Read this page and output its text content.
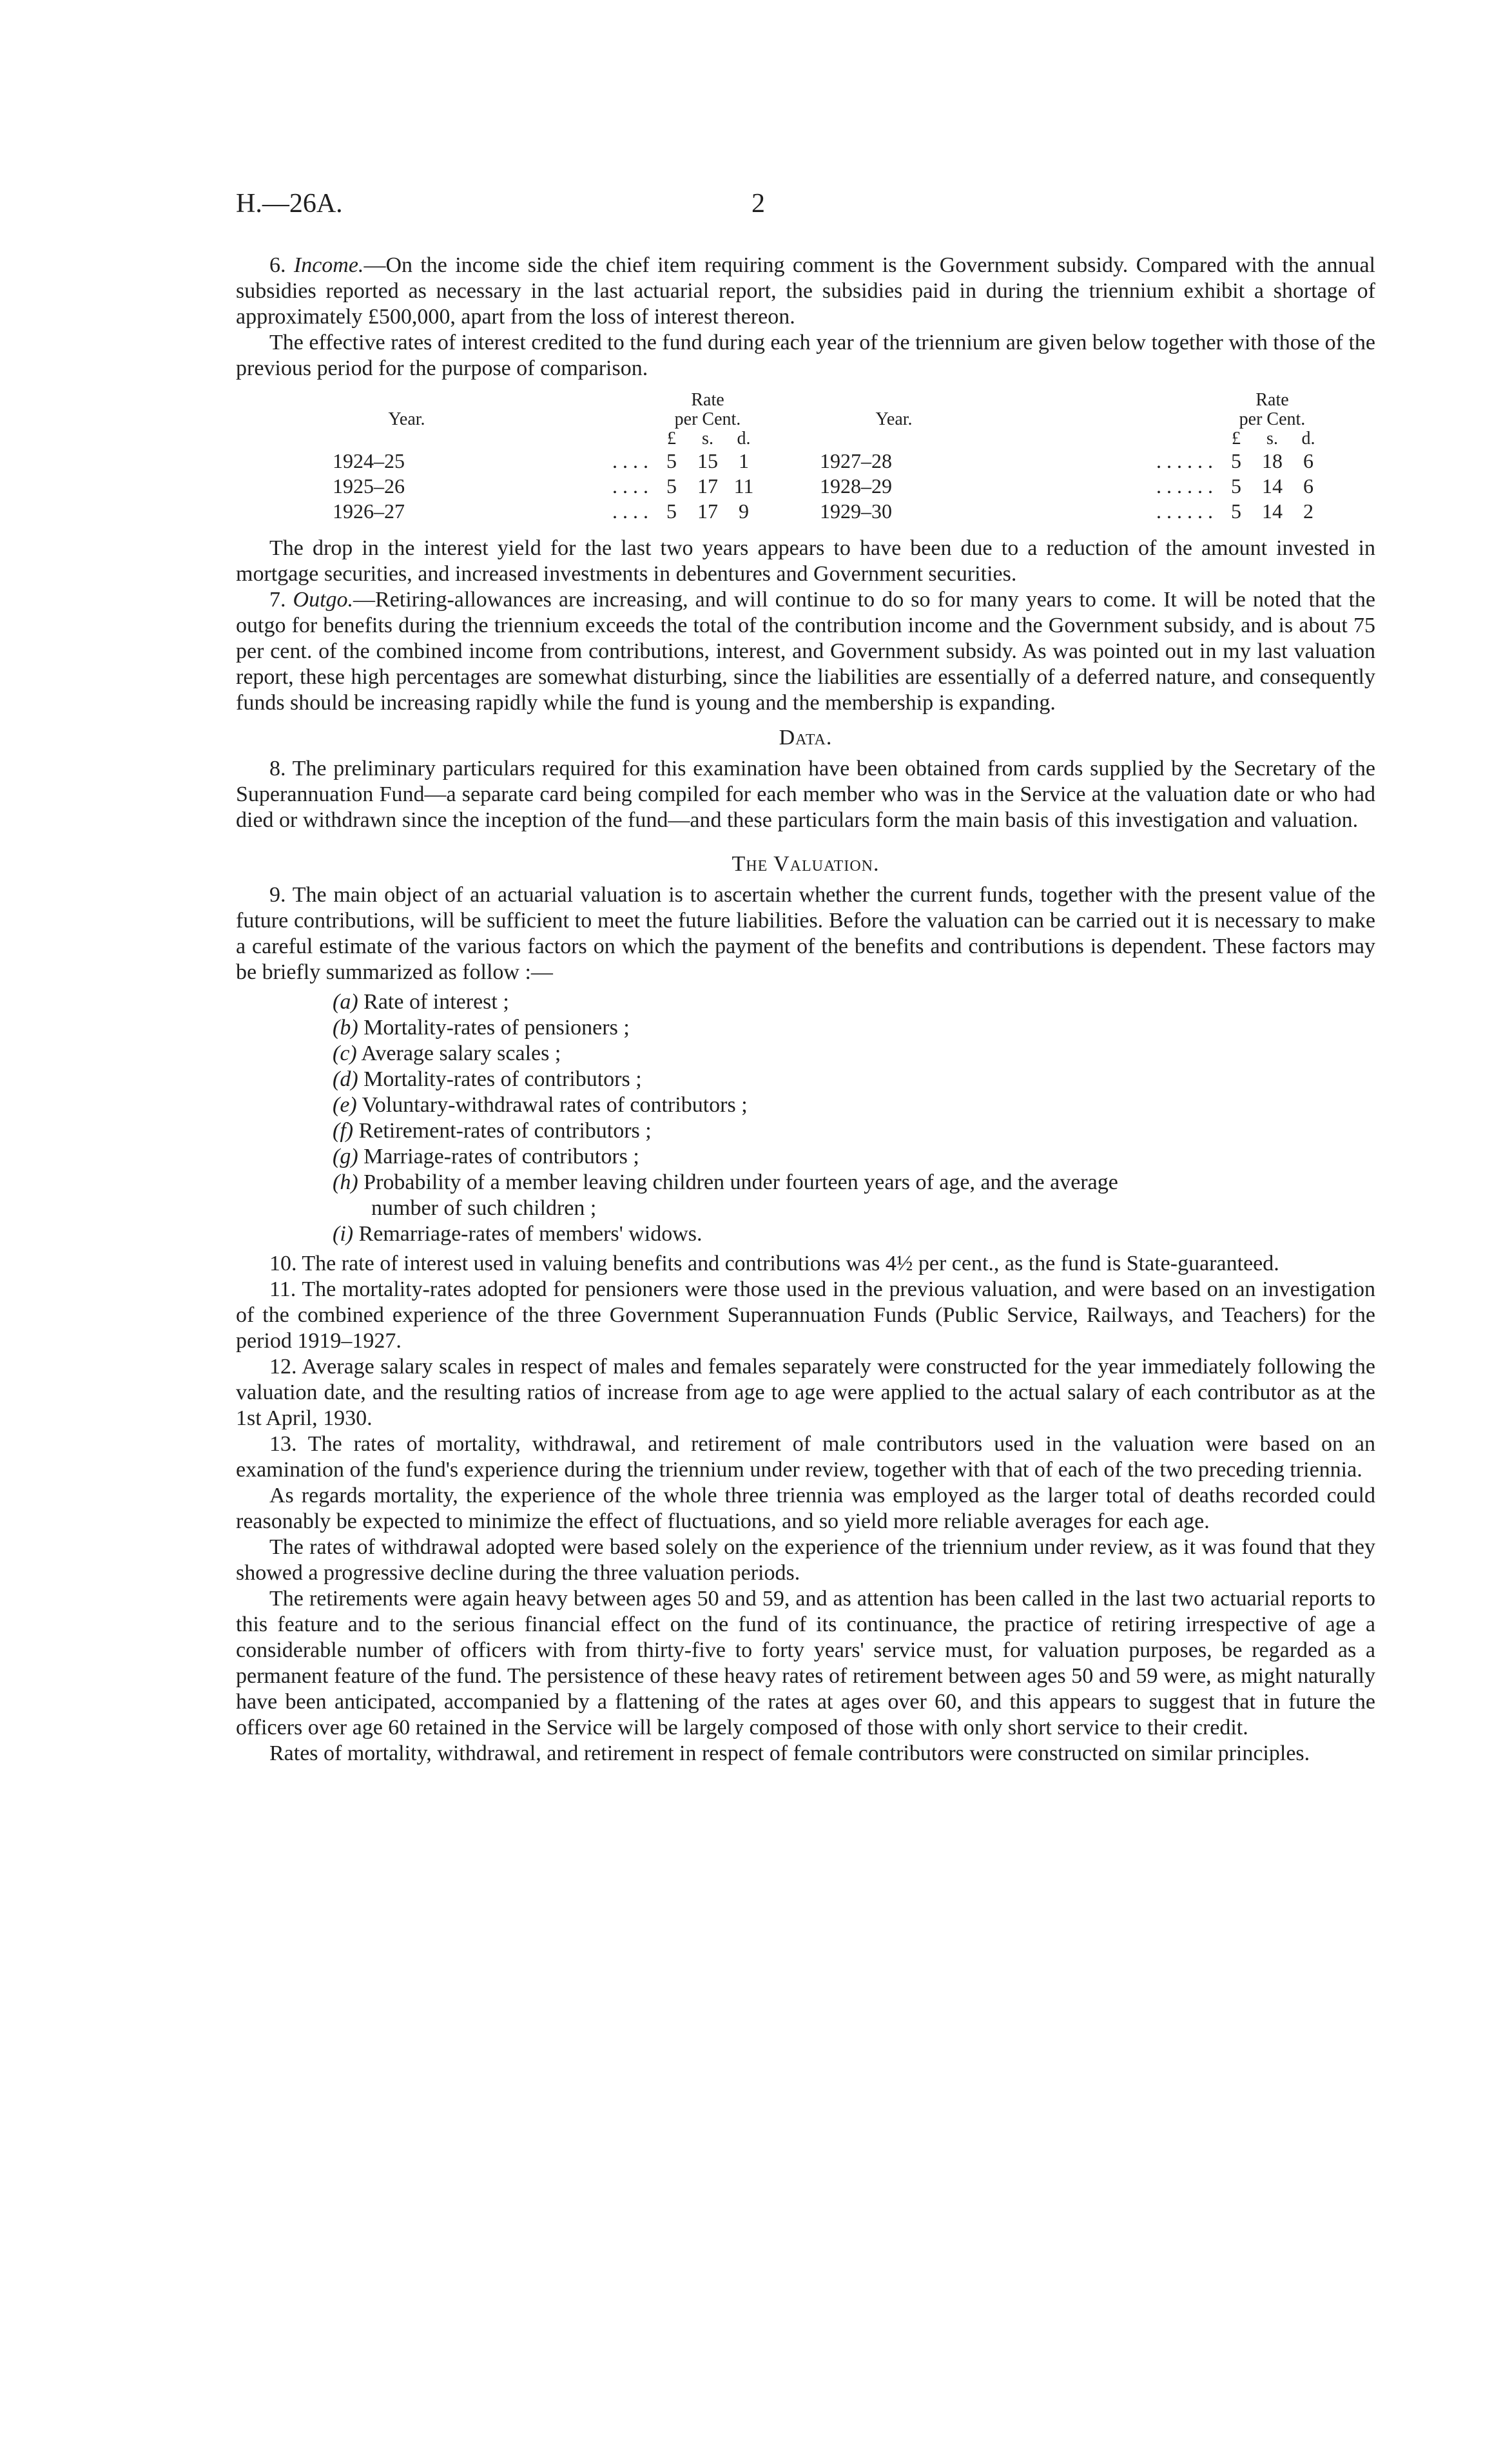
H.—26A.	2

6. Income.—On the income side the chief item requiring comment is the Government subsidy. Compared with the annual subsidies reported as necessary in the last actuarial report, the subsidies paid in during the triennium exhibit a shortage of approximately £500,000, apart from the loss of interest thereon.

The effective rates of interest credited to the fund during each year of the triennium are given below together with those of the previous period for the purpose of comparison.

		Rate						Rate		
Year.		per Cent.				Year.		per Cent.		
		£	s.	d.				£	s.	d.
1924–25	. . . .	5	15	1		1927–28	. . . . . .	5	18	6
1925–26	. . . .	5	17	11		1928–29	. . . . . .	5	14	6
1926–27	. . . .	5	17	9		1929–30	. . . . . .	5	14	2

The drop in the interest yield for the last two years appears to have been due to a reduction of the amount invested in mortgage securities, and increased investments in debentures and Government securities.

7. Outgo.—Retiring-allowances are increasing, and will continue to do so for many years to come. It will be noted that the outgo for benefits during the triennium exceeds the total of the contribution income and the Government subsidy, and is about 75 per cent. of the combined income from contributions, interest, and Government subsidy. As was pointed out in my last valuation report, these high percentages are somewhat disturbing, since the liabilities are essentially of a deferred nature, and consequently funds should be increasing rapidly while the fund is young and the membership is expanding.

Data.

8. The preliminary particulars required for this examination have been obtained from cards supplied by the Secretary of the Superannuation Fund—a separate card being compiled for each member who was in the Service at the valuation date or who had died or withdrawn since the inception of the fund—and these particulars form the main basis of this investigation and valuation.

The Valuation.

9. The main object of an actuarial valuation is to ascertain whether the current funds, together with the present value of the future contributions, will be sufficient to meet the future liabilities. Before the valuation can be carried out it is necessary to make a careful estimate of the various factors on which the payment of the benefits and contributions is dependent. These factors may be briefly summarized as follow :—

(a) Rate of interest ;
(b) Mortality-rates of pensioners ;
(c) Average salary scales ;
(d) Mortality-rates of contributors ;
(e) Voluntary-withdrawal rates of contributors ;
(f) Retirement-rates of contributors ;
(g) Marriage-rates of contributors ;
(h) Probability of a member leaving children under fourteen years of age, and the average
number of such children ;
(i) Remarriage-rates of members' widows.

10. The rate of interest used in valuing benefits and contributions was 4½ per cent., as the fund is State-guaranteed.

11. The mortality-rates adopted for pensioners were those used in the previous valuation, and were based on an investigation of the combined experience of the three Government Superannuation Funds (Public Service, Railways, and Teachers) for the period 1919–1927.

12. Average salary scales in respect of males and females separately were constructed for the year immediately following the valuation date, and the resulting ratios of increase from age to age were applied to the actual salary of each contributor as at the 1st April, 1930.

13. The rates of mortality, withdrawal, and retirement of male contributors used in the valuation were based on an examination of the fund's experience during the triennium under review, together with that of each of the two preceding triennia.

As regards mortality, the experience of the whole three triennia was employed as the larger total of deaths recorded could reasonably be expected to minimize the effect of fluctuations, and so yield more reliable averages for each age.

The rates of withdrawal adopted were based solely on the experience of the triennium under review, as it was found that they showed a progressive decline during the three valuation periods.

The retirements were again heavy between ages 50 and 59, and as attention has been called in the last two actuarial reports to this feature and to the serious financial effect on the fund of its continuance, the practice of retiring irrespective of age a considerable number of officers with from thirty-five to forty years' service must, for valuation purposes, be regarded as a permanent feature of the fund. The persistence of these heavy rates of retirement between ages 50 and 59 were, as might naturally have been anticipated, accompanied by a flattening of the rates at ages over 60, and this appears to suggest that in future the officers over age 60 retained in the Service will be largely composed of those with only short service to their credit.

Rates of mortality, withdrawal, and retirement in respect of female contributors were constructed on similar principles.
